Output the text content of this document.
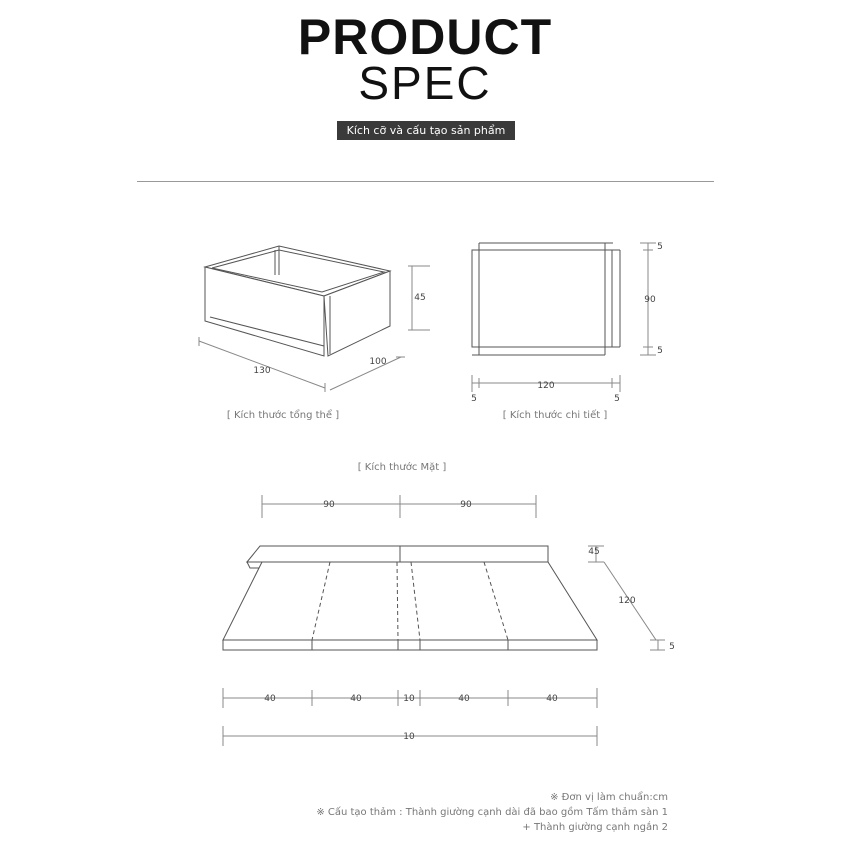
PRODUCT
SPEC
Kích cỡ và cấu tạo sản phẩm
130
100
45
[ Kích thước tổng thể ]
120
5	5
5
90
5
[ Kích thước chi tiết ]
[ Kích thước Mặt ]
90	90
45
120
5
40	40	10	40	40
10
※ Đơn vị làm chuẩn:cm
※ Cấu tạo thảm : Thành giường cạnh dài đã bao gồm Tấm thảm sàn 1
+ Thành giường cạnh ngắn 2
